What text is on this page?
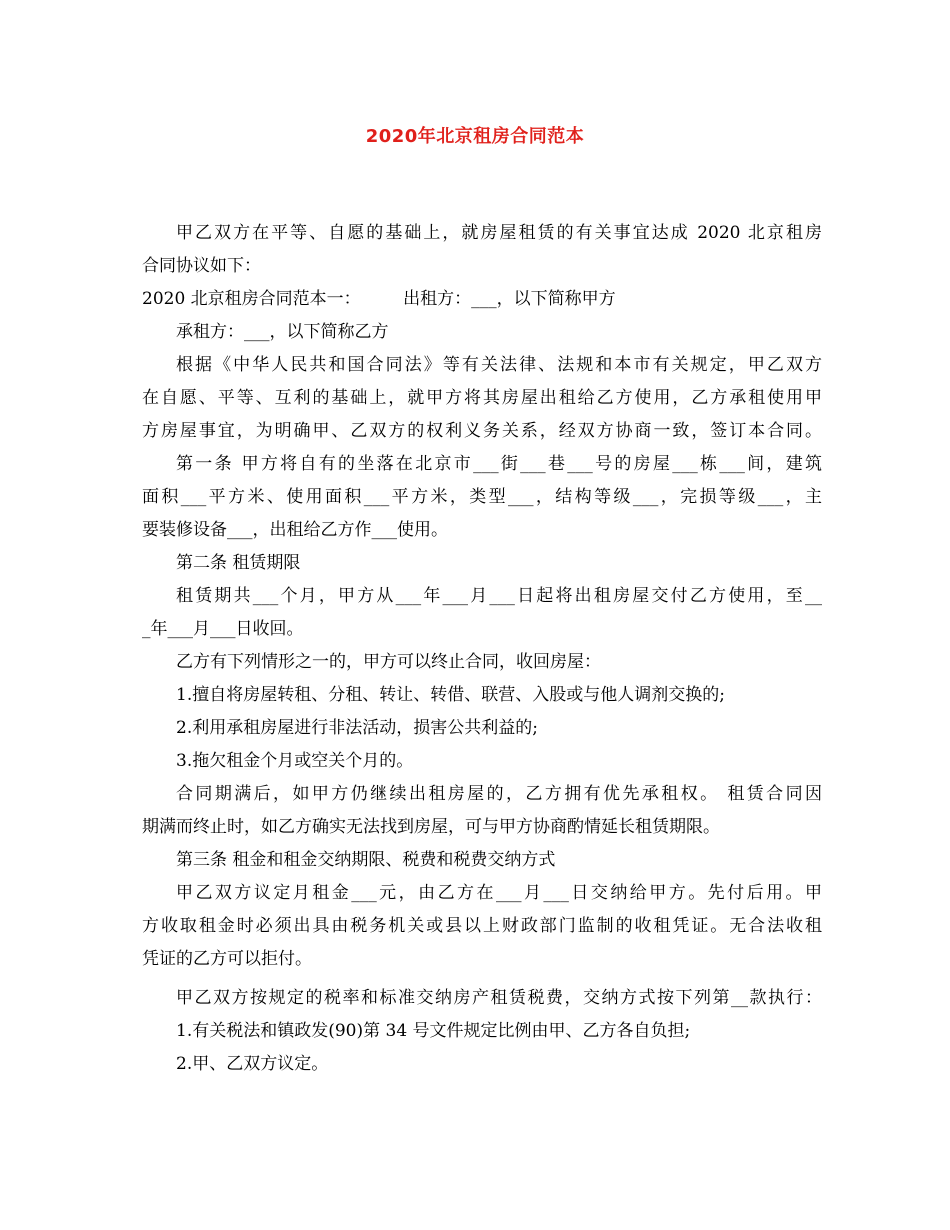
2020年北京租房合同范本
甲乙双方在平等、自愿的基础上，就房屋租赁的有关事宜达成 2020 北京租房
合同协议如下：
2020 北京租房合同范本一：　　　出租方：___，以下简称甲方
承租方：___，以下简称乙方
根据《中华人民共和国合同法》等有关法律、法规和本市有关规定，甲乙双方
在自愿、平等、互利的基础上，就甲方将其房屋出租给乙方使用，乙方承租使用甲
方房屋事宜，为明确甲、乙双方的权利义务关系，经双方协商一致，签订本合同。
第一条 甲方将自有的坐落在北京市___街___巷___号的房屋___栋___间，建筑
面积___平方米、使用面积___平方米，类型___，结构等级___，完损等级___，主
要装修设备___，出租给乙方作___使用。
第二条 租赁期限
租赁期共___个月，甲方从___年___月___日起将出租房屋交付乙方使用，至__
_年___月___日收回。
乙方有下列情形之一的，甲方可以终止合同，收回房屋：
1.擅自将房屋转租、分租、转让、转借、联营、入股或与他人调剂交换的;
2.利用承租房屋进行非法活动，损害公共利益的;
3.拖欠租金个月或空关个月的。
合同期满后，如甲方仍继续出租房屋的，乙方拥有优先承租权。 租赁合同因
期满而终止时，如乙方确实无法找到房屋，可与甲方协商酌情延长租赁期限。
第三条 租金和租金交纳期限、税费和税费交纳方式
甲乙双方议定月租金___元，由乙方在___月___日交纳给甲方。先付后用。甲
方收取租金时必须出具由税务机关或县以上财政部门监制的收租凭证。无合法收租
凭证的乙方可以拒付。
甲乙双方按规定的税率和标准交纳房产租赁税费，交纳方式按下列第__款执行：
1.有关税法和镇政发(90)第 34 号文件规定比例由甲、乙方各自负担;
2.甲、乙双方议定。
